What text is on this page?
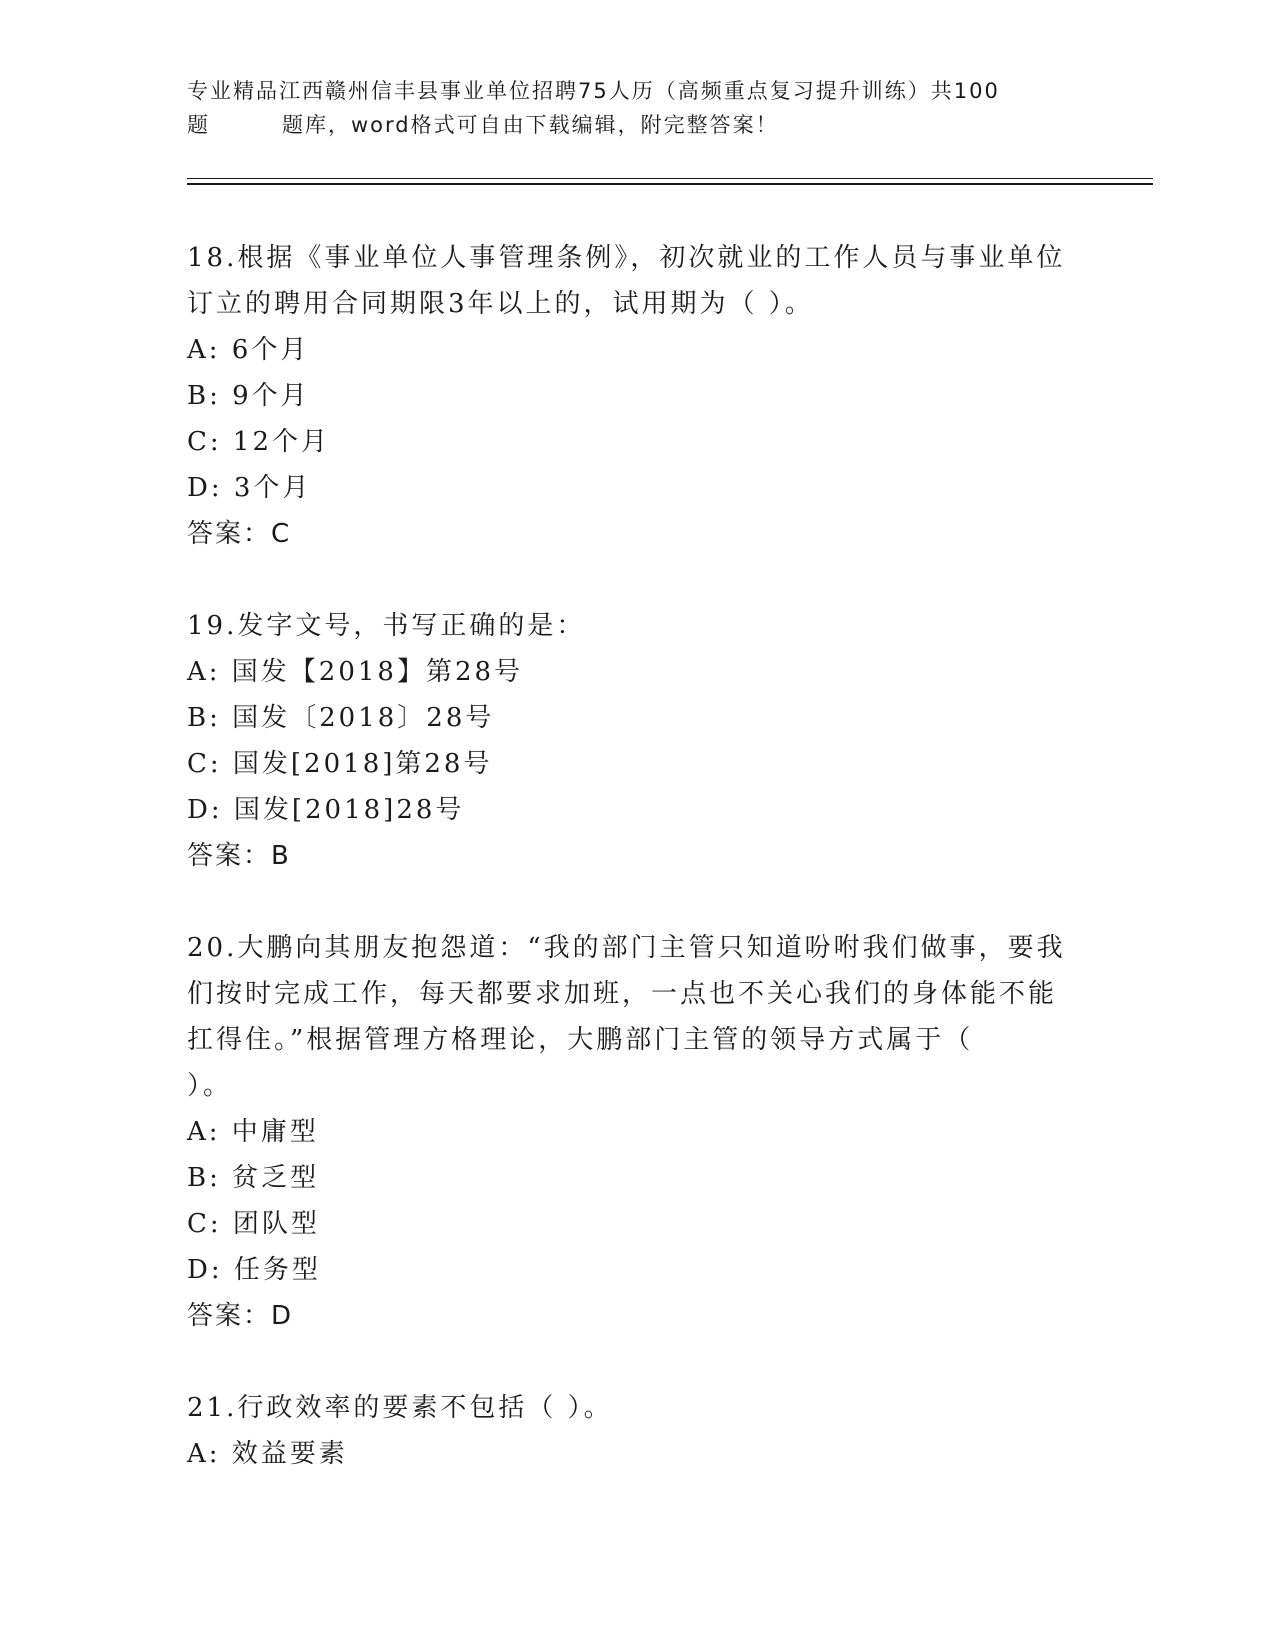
专业精品江西赣州信丰县事业单位招聘75人历（高频重点复习提升训练）共100
题	题库，word格式可自由下载编辑，附完整答案！
18.根据《事业单位人事管理条例》，初次就业的工作人员与事业单位
订立的聘用合同期限3年以上的，试用期为（ ）。
A: 6个月
B: 9个月
C: 12个月
D: 3个月
答案：C
19.发字文号，书写正确的是：
A: 国发【2018】第28号
B: 国发〔2018〕28号
C: 国发[2018]第28号
D: 国发[2018]28号
答案：B
20.大鹏向其朋友抱怨道：“我的部门主管只知道吩咐我们做事，要我
们按时完成工作，每天都要求加班，一点也不关心我们的身体能不能
扛得住。”根据管理方格理论，大鹏部门主管的领导方式属于（
）。
A: 中庸型
B: 贫乏型
C: 团队型
D: 任务型
答案：D
21.行政效率的要素不包括（ ）。
A: 效益要素
